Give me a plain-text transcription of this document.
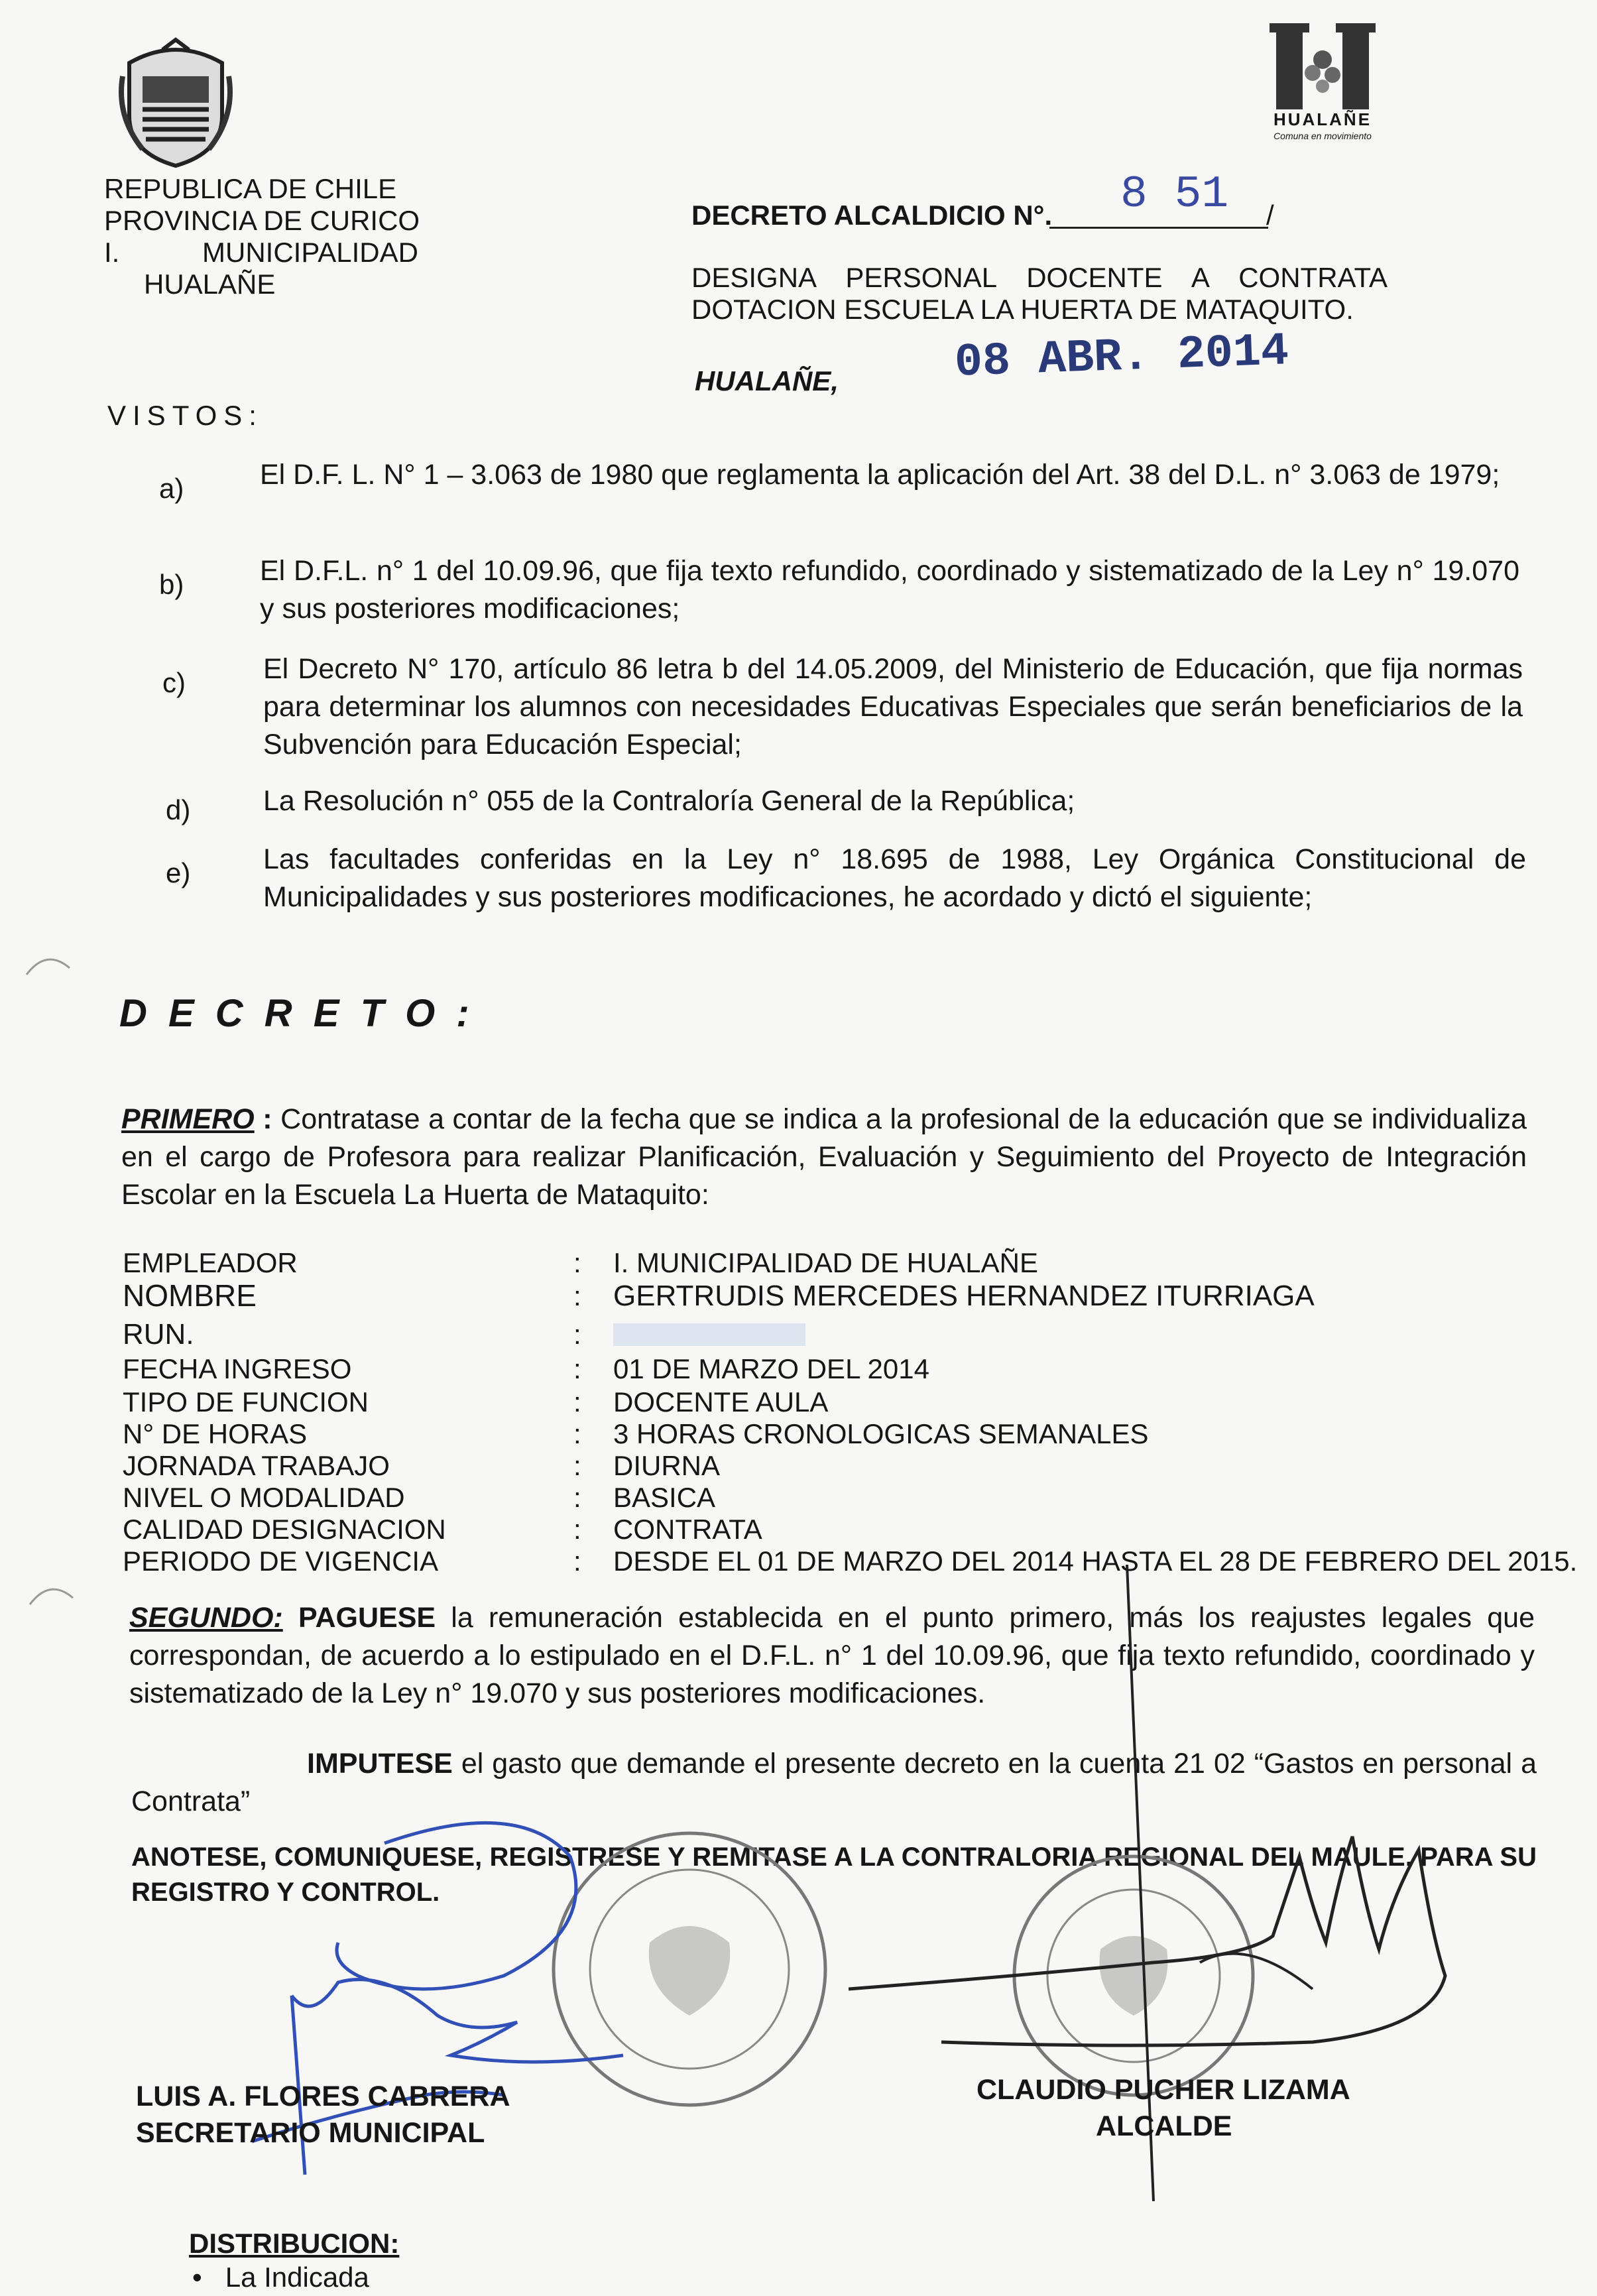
REPUBLICA DE CHILE
PROVINCIA DE CURICO
I.	MUNICIPALIDAD
HUALAÑE
HUALAÑE
Comuna en movimiento
DECRETO ALCALDICIO N°. 8 51 /
DESIGNA PERSONAL DOCENTE A CONTRATA
DOTACION ESCUELA LA HUERTA DE MATAQUITO.
HUALAÑE, 08 ABR. 2014
VISTOS:
a)	El D.F. L. N° 1 – 3.063 de 1980 que reglamenta la aplicación del Art. 38 del D.L. n° 3.063 de 1979;
b)	El D.F.L. n° 1 del 10.09.96, que fija texto refundido, coordinado y sistematizado de la Ley n° 19.070 y sus posteriores modificaciones;
c)	El Decreto N° 170, artículo 86 letra b del 14.05.2009, del Ministerio de Educación, que fija normas para determinar los alumnos con necesidades Educativas Especiales que serán beneficiarios de la Subvención para Educación Especial;
d)	La Resolución n° 055 de la Contraloría General de la República;
e)	Las facultades conferidas en la Ley n° 18.695 de 1988, Ley Orgánica Constitucional de Municipalidades y sus posteriores modificaciones, he acordado y dictó el siguiente;
D E C R E T O :
PRIMERO : Contratase a contar de la fecha que se indica a la profesional de la educación que se individualiza en el cargo de Profesora para realizar Planificación, Evaluación y Seguimiento del Proyecto de Integración Escolar en la Escuela La Huerta de Mataquito:
EMPLEADOR	: I. MUNICIPALIDAD DE HUALAÑE
NOMBRE	: GERTRUDIS MERCEDES HERNANDEZ ITURRIAGA
RUN.	:
FECHA INGRESO	: 01 DE MARZO DEL 2014
TIPO DE FUNCION	: DOCENTE AULA
N° DE HORAS	: 3 HORAS CRONOLOGICAS SEMANALES
JORNADA TRABAJO	: DIURNA
NIVEL O MODALIDAD	: BASICA
CALIDAD DESIGNACION	: CONTRATA
PERIODO DE VIGENCIA	: DESDE EL 01 DE MARZO DEL 2014 HASTA EL 28 DE FEBRERO DEL 2015.
SEGUNDO: PAGUESE la remuneración establecida en el punto primero, más los reajustes legales que correspondan, de acuerdo a lo estipulado en el D.F.L. n° 1 del 10.09.96, que fija texto refundido, coordinado y sistematizado de la Ley n° 19.070 y sus posteriores modificaciones.
IMPUTESE el gasto que demande el presente decreto en la cuenta 21 02 “Gastos en personal a Contrata”
ANOTESE, COMUNIQUESE, REGISTRESE Y REMITASE A LA CONTRALORIA REGIONAL DEL MAULE, PARA SU REGISTRO Y CONTROL.
LUIS A. FLORES CABRERA
SECRETARIO MUNICIPAL
CLAUDIO PUCHER LIZAMA
ALCALDE
DISTRIBUCION:
•   La Indicada
